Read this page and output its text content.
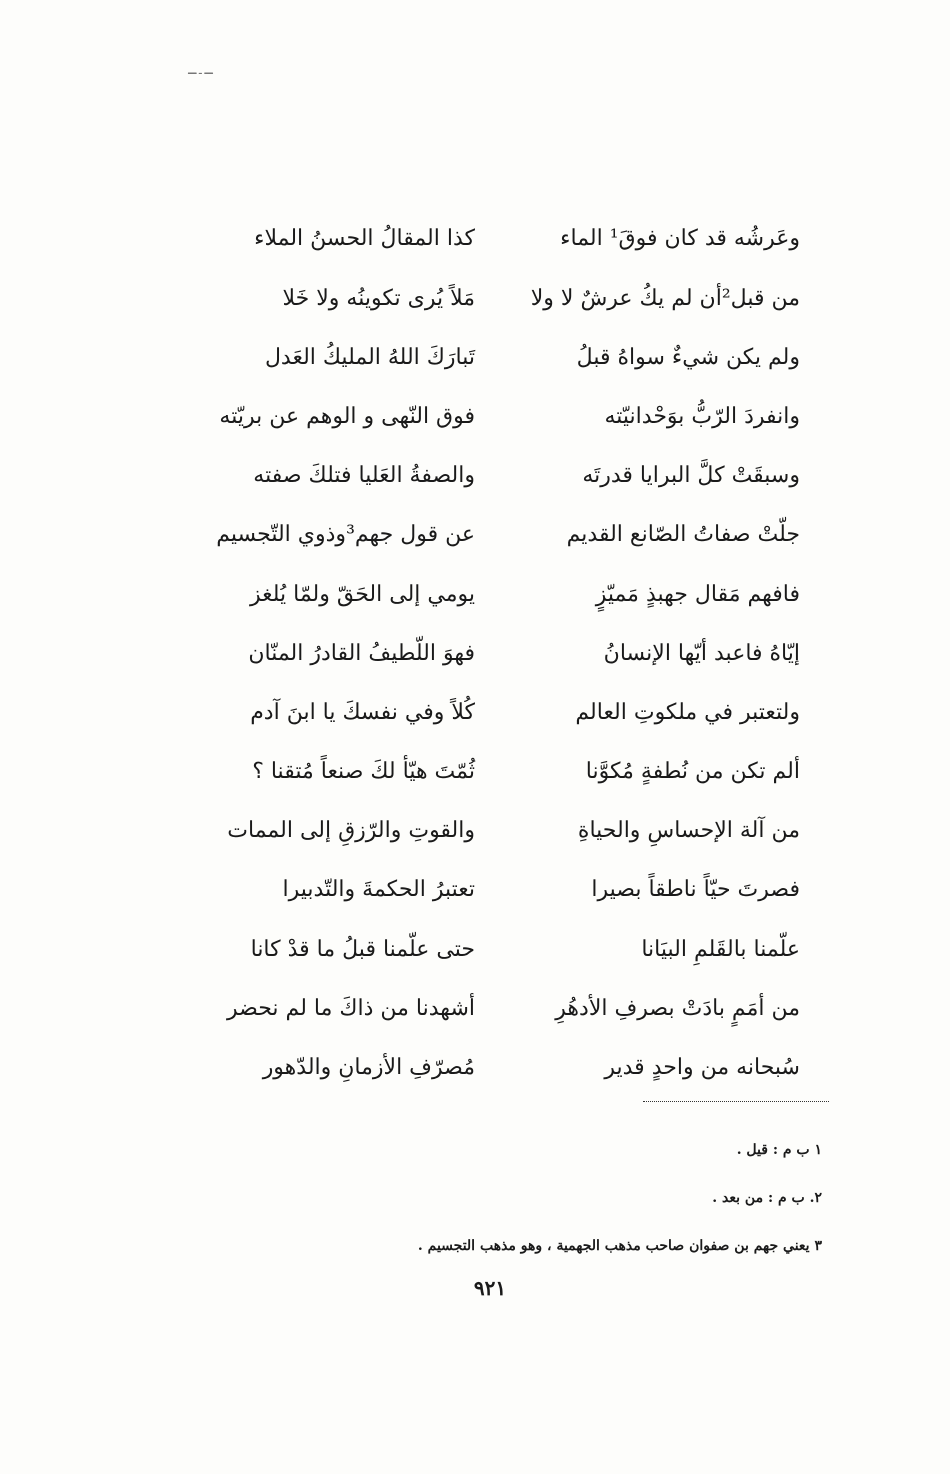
ـ۔ـ
وعَرشُه قد كان فوقَ¹ الماء
كذا المقالُ الحسنُ الملاء
من قبل²أن لم يكُ عرشٌ لا ولا
مَلاً يُرى تكوينُه ولا خَلا
ولم يكن شيءٌ سواهُ قبلُ
تَبارَكَ اللهُ المليكُ العَدل
وانفردَ الرّبُّ بوَحْدانيّته
فوق النّهى و الوهم عن بريّته
وسبقَتْ كلَّ البرايا قدرتَه
والصفةُ العَليا فتلكَ صفته
جلّتْ صفاتُ الصّانع القديم
عن قول جهم³وذوي التّجسيم
فافهم مَقال جهبذٍ مَميّزٍ
يومي إلى الحَقّ ولمّا يُلغز
إيّاهُ فاعبد أيّها الإنسانُ
فهوَ اللّطيفُ القادرُ المنّان
ولتعتبر في ملكوتِ العالم
كُلاً وفي نفسكَ يا ابنَ آدم
ألم تكن من نُطفةٍ مُكوَّنا
ثُمّتَ هيّأ لكَ صنعاً مُتقنا ؟
من آلة الإحساسِ والحياةِ
والقوتِ والرّزقِ إلى الممات
فصرتَ حيّاً ناطقاً بصيرا
تعتبرُ الحكمةَ والتّدبيرا
علّمنا بالقَلمِ البيَانا
حتى علّمنا قبلُ ما قدْ كانا
من أمَمٍ بادَتْ بصرفِ الأدهُرِ
أشهدنا من ذاكَ ما لم نحضر
سُبحانه من واحدٍ قدير
مُصرّفِ الأزمانِ والدّهور
١ ب م : قيل .
٢. ب م : من بعد .
٣ يعني جهم بن صفوان صاحب مذهب الجهمية ، وهو مذهب التجسيم .
٩٢١
